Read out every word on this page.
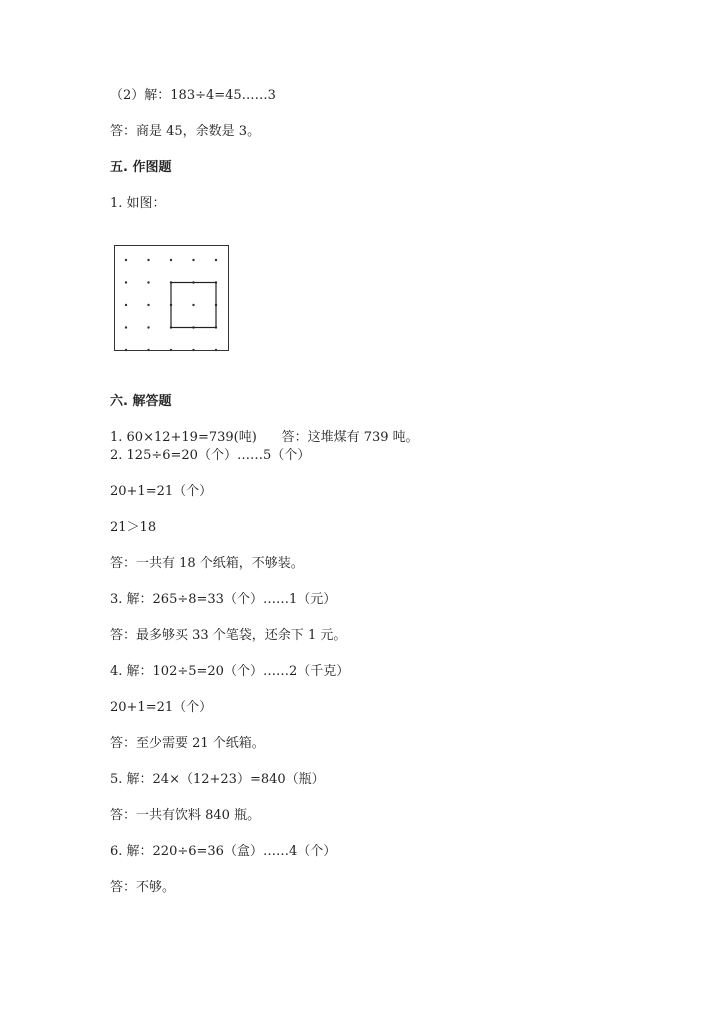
（2）解：183÷4=45……3
答：商是 45，余数是 3。
五. 作图题
1. 如图：
六. 解答题
1. 60×12+19=739(吨)      答：这堆煤有 739 吨。
2. 125÷6=20（个）……5（个）
20+1=21（个）
21＞18
答：一共有 18 个纸箱，不够装。
3. 解：265÷8=33（个）……1（元）
答：最多够买 33 个笔袋，还余下 1 元。
4. 解：102÷5=20（个）……2（千克）
20+1=21（个）
答：至少需要 21 个纸箱。
5. 解：24×（12+23）=840（瓶）
答：一共有饮料 840 瓶。
6. 解：220÷6=36（盒）……4（个）
答：不够。
